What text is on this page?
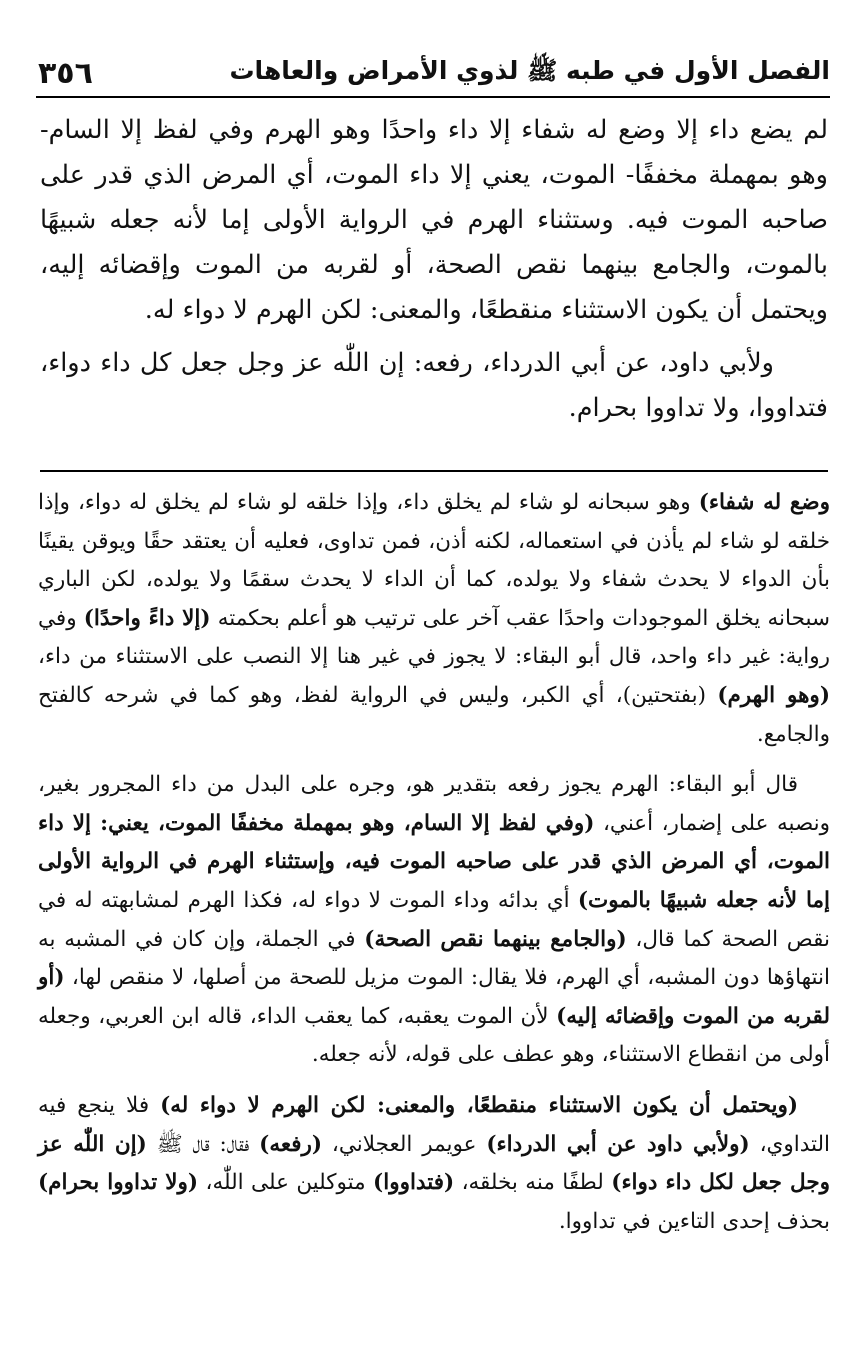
٣٥٦	الفصل الأول في طبه ﷺ لذوي الأمراض والعاهات

لم يضع داء إلا وضع له شفاء إلا داء واحدًا وهو الهرم وفي لفظ إلا السام- وهو بمهملة مخففًا- الموت، يعني إلا داء الموت، أي المرض الذي قدر على صاحبه الموت فيه. وستثناء الهرم في الرواية الأولى إما لأنه جعله شبيهًا بالموت، والجامع بينهما نقص الصحة، أو لقربه من الموت وإقضائه إليه، ويحتمل أن يكون الاستثناء منقطعًا، والمعنى: لكن الهرم لا دواء له.

ولأبي داود، عن أبي الدرداء، رفعه: إن اللّٰه عز وجل جعل كل داء دواء، فتداووا، ولا تداووا بحرام.

وضع له شفاء) وهو سبحانه لو شاء لم يخلق داء، وإذا خلقه لو شاء لم يخلق له دواء، وإذا خلقه لو شاء لم يأذن في استعماله، لكنه أذن، فمن تداوى، فعليه أن يعتقد حقًا ويوقن يقينًا بأن الدواء لا يحدث شفاء ولا يولده، كما أن الداء لا يحدث سقمًا ولا يولده، لكن الباري سبحانه يخلق الموجودات واحدًا عقب آخر على ترتيب هو أعلم بحكمته (إلا داءً واحدًا) وفي رواية: غير داء واحد، قال أبو البقاء: لا يجوز في غير هنا إلا النصب على الاستثناء من داء، (وهو الهرم) (بفتحتين)، أي الكبر، وليس في الرواية لفظ، وهو كما في شرحه كالفتح والجامع.

قال أبو البقاء: الهرم يجوز رفعه بتقدير هو، وجره على البدل من داء المجرور بغير، ونصبه على إضمار، أعني، (وفي لفظ إلا السام، وهو بمهملة مخففًا الموت، يعني: إلا داء الموت، أي المرض الذي قدر على صاحبه الموت فيه، وإستثناء الهرم في الرواية الأولى إما لأنه جعله شبيهًا بالموت) أي بدائه وداء الموت لا دواء له، فكذا الهرم لمشابهته له في نقص الصحة كما قال، (والجامع بينهما نقص الصحة) في الجملة، وإن كان في المشبه به انتهاؤها دون المشبه، أي الهرم، فلا يقال: الموت مزيل للصحة من أصلها، لا منقص لها، (أو لقربه من الموت وإقضائه إليه) لأن الموت يعقبه، كما يعقب الداء، قاله ابن العربي، وجعله أولى من انقطاع الاستثناء، وهو عطف على قوله، لأنه جعله.

(ويحتمل أن يكون الاستثناء منقطعًا، والمعنى: لكن الهرم لا دواء له) فلا ينجع فيه التداوي، (ولأبي داود عن أبي الدرداء) عويمر العجلاني، (رفعه) فقال: قال ﷺ (إن اللّٰه عز وجل جعل لكل داء دواء) لطفًا منه بخلقه، (فتداووا) متوكلين على اللّٰه، (ولا تداووا بحرام) بحذف إحدى التاءين في تداووا.
